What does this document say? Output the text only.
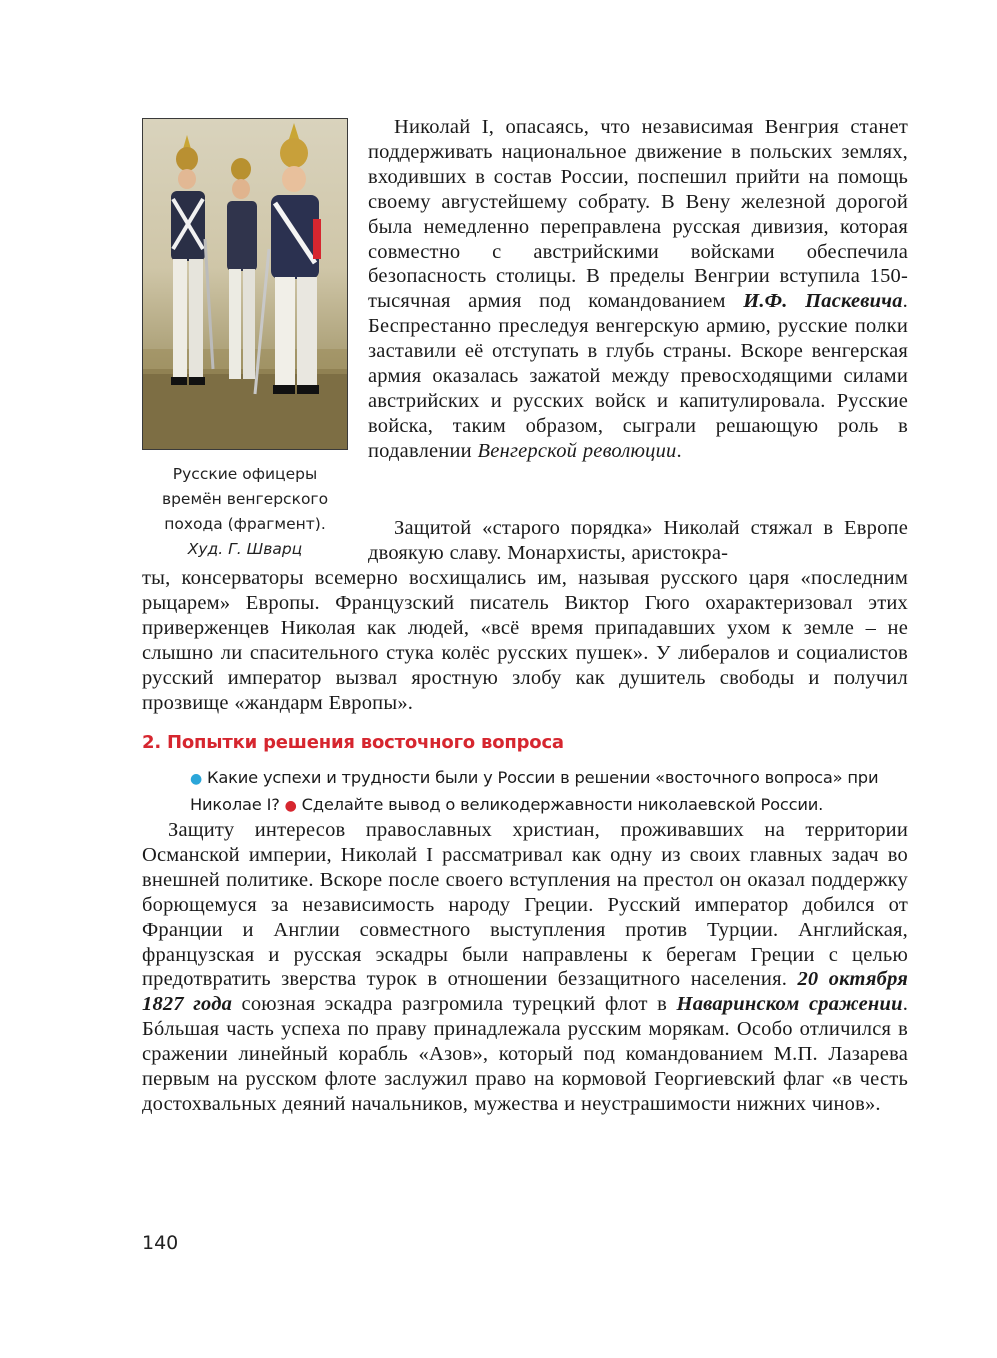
Русские офицеры
времён венгерского
похода (фрагмент).
Худ. Г. Шварц
Николай I, опасаясь, что независимая Венгрия станет поддерживать национальное движение в польских землях, входивших в состав России, поспешил прийти на помощь своему августейшему собрату. В Вену железной дорогой была немедленно переправлена русская дивизия, которая совместно с австрийскими войсками обеспечила безопасность столицы. В пределы Венгрии вступила 150-тысячная армия под командованием И.Ф. Паскевича. Беспрестанно преследуя венгерскую армию, русские полки заставили её отступать в глубь страны. Вскоре венгерская армия оказалась зажатой между превосходящими силами австрийских и русских войск и капитулировала. Русские войска, таким образом, сыграли решающую роль в подавлении Венгерской революции.
Защитой «старого порядка» Николай стяжал в Европе двоякую славу. Монархисты, аристокра-
ты, консерваторы всемерно восхищались им, называя русского царя «последним рыцарем» Европы. Французский писатель Виктор Гюго охарактеризовал этих приверженцев Николая как людей, «всё время припадавших ухом к земле – не слышно ли спасительного стука колёс русских пушек». У либералов и социалистов русский император вызвал яростную злобу как душитель свободы и получил прозвище «жандарм Европы».
2. Попытки решения восточного вопроса
● Какие успехи и трудности были у России в решении «восточного вопроса» при Николае I? ● Сделайте вывод о великодержавности николаевской России.
Защиту интересов православных христиан, проживавших на территории Османской империи, Николай I рассматривал как одну из своих главных задач во внешней политике. Вскоре после своего вступления на престол он оказал поддержку борющемуся за независимость народу Греции. Русский император добился от Франции и Англии совместного выступления против Турции. Английская, французская и русская эскадры были направлены к берегам Греции с целью предотвратить зверства турок в отношении беззащитного населения. 20 октября 1827 года союзная эскадра разгромила турецкий флот в Наваринском сражении. Бóльшая часть успеха по праву принадлежала русским морякам. Особо отличился в сражении линейный корабль «Азов», который под командованием М.П. Лазарева первым на русском флоте заслужил право на кормовой Георгиевский флаг «в честь достохвальных деяний начальников, мужества и неустрашимости нижних чинов».
140
